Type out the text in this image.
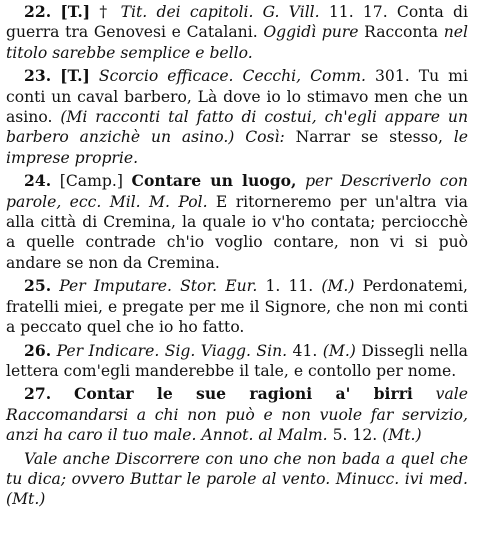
22. [T.] † Tit. dei capitoli. G. Vill. 11. 17. Conta di guerra tra Genovesi e Catalani. Oggidì pure Racconta nel titolo sarebbe semplice e bello.

23. [T.] Scorcio efficace. Cecchi, Comm. 301. Tu mi conti un caval barbero, Là dove io lo stimavo men che un asino. (Mi racconti tal fatto di costui, ch'egli appare un barbero anzichè un asino.) Così: Narrar se stesso, le imprese proprie.

24. [Camp.] Contare un luogo, per Descriverlo con parole, ecc. Mil. M. Pol. E ritorneremo per un'altra via alla città di Cremina, la quale io v'ho contata; perciocchè a quelle contrade ch'io voglio contare, non vi si può andare se non da Cremina.

25. Per Imputare. Stor. Eur. 1. 11. (M.) Perdonatemi, fratelli miei, e pregate per me il Signore, che non mi conti a peccato quel che io ho fatto.

26. Per Indicare. Sig. Viagg. Sin. 41. (M.) Dissegli nella lettera com'egli manderebbe il tale, e contollo per nome.

27. Contar le sue ragioni a' birri vale Raccomandarsi a chi non può e non vuole far servizio, anzi ha caro il tuo male. Annot. al Malm. 5. 12. (Mt.)

Vale anche Discorrere con uno che non bada a quel che tu dica; ovvero Buttar le parole al vento. Minucc. ivi med. (Mt.)
